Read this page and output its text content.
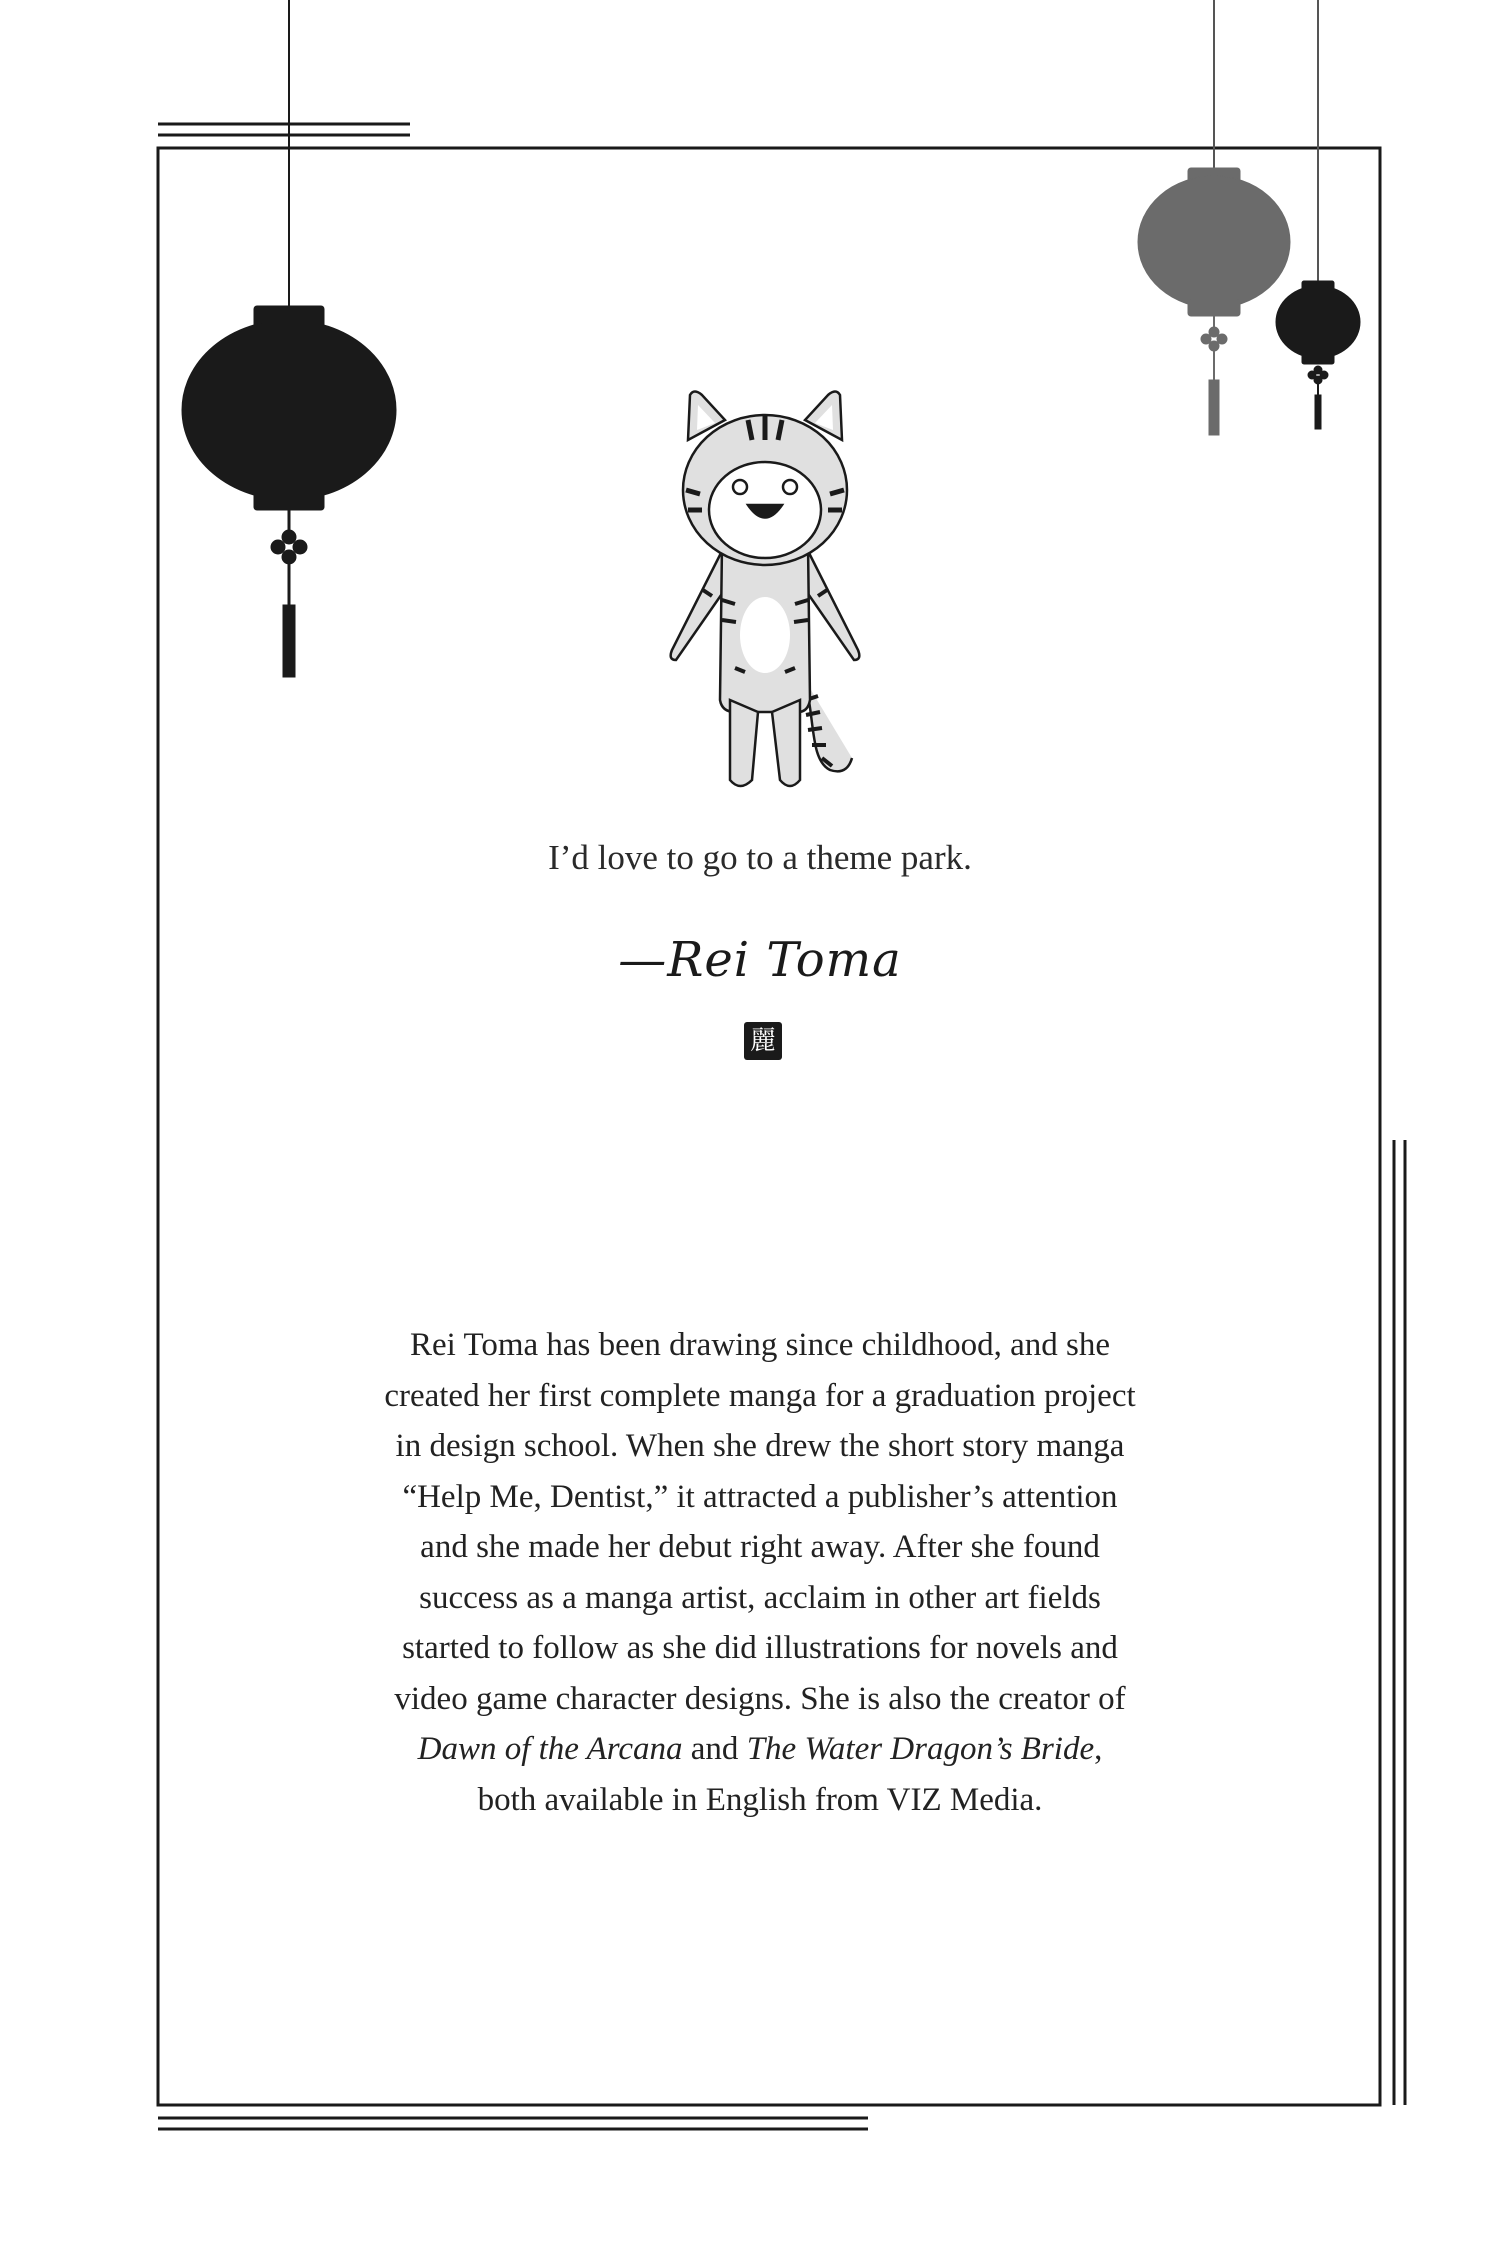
I’d love to go to a theme park.
—Rei Toma
麗

Rei Toma has been drawing since childhood, and she
created her first complete manga for a graduation project
in design school. When she drew the short story manga
“Help Me, Dentist,” it attracted a publisher’s attention
and she made her debut right away. After she found
success as a manga artist, acclaim in other art fields
started to follow as she did illustrations for novels and
video game character designs. She is also the creator of
Dawn of the Arcana and The Water Dragon’s Bride,
both available in English from VIZ Media.
